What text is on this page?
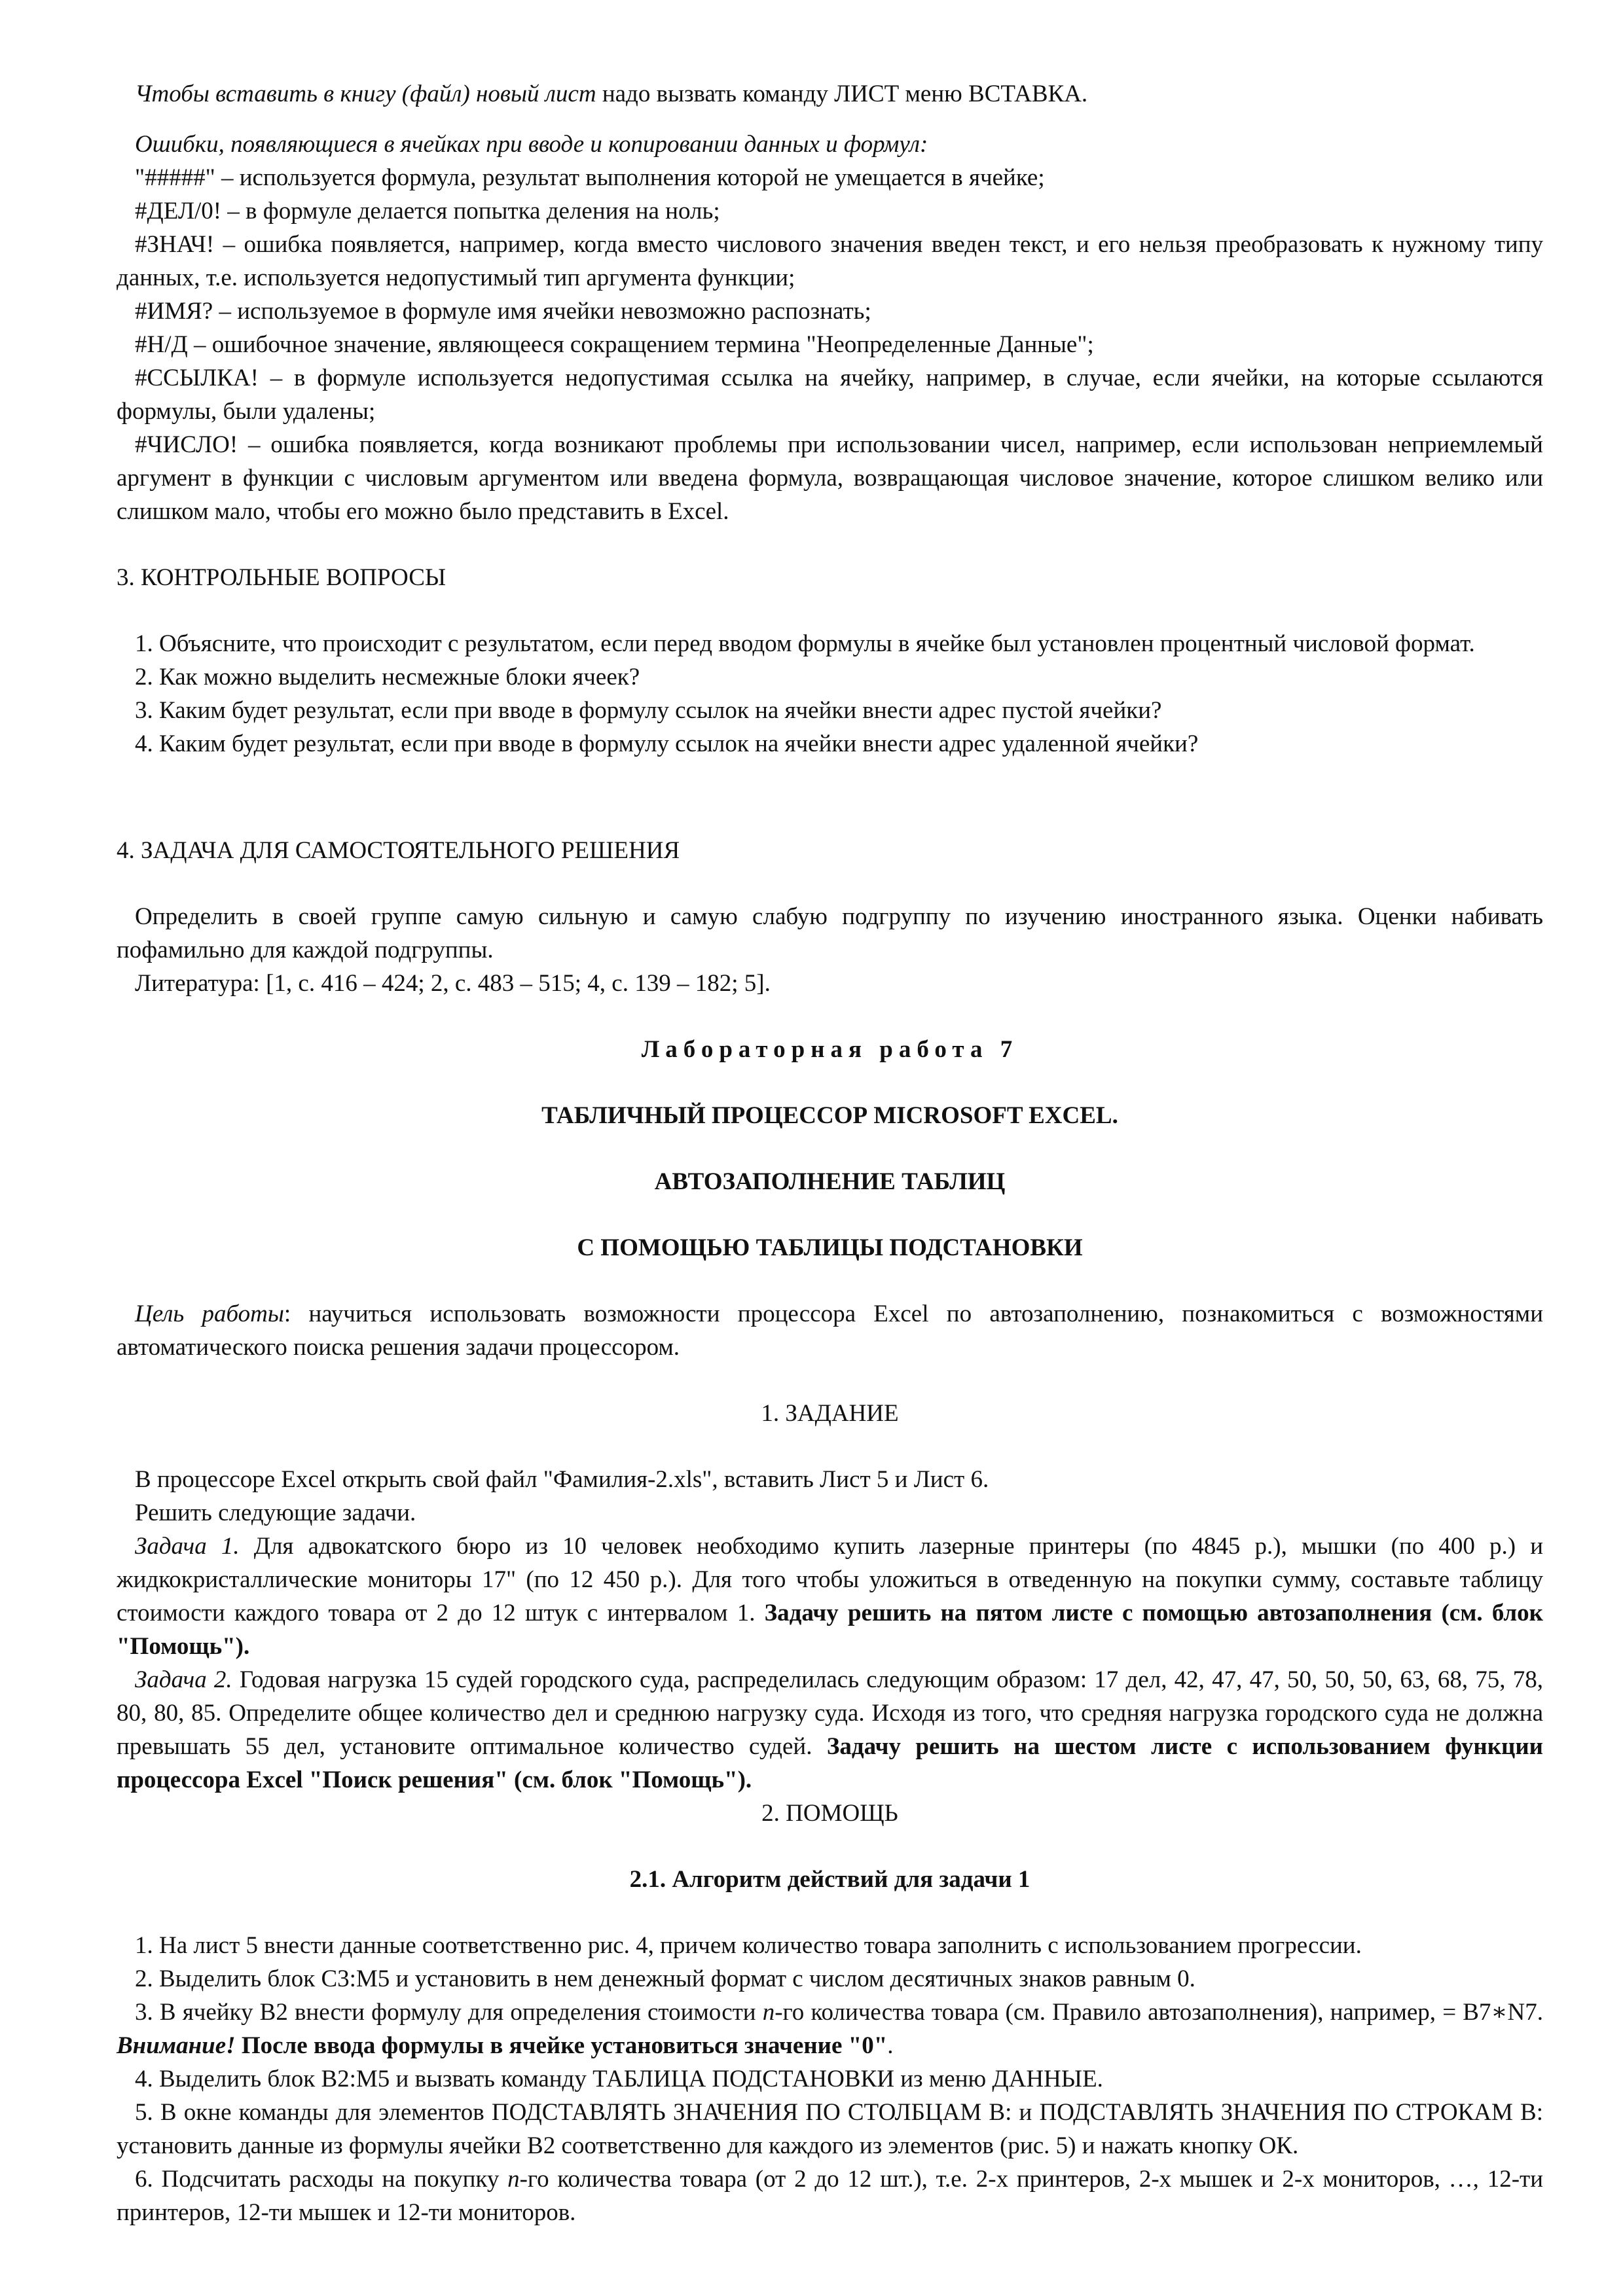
Чтобы вставить в книгу (файл) новый лист надо вызвать команду ЛИСТ меню ВСТАВКА.

Ошибки, появляющиеся в ячейках при вводе и копировании данных и формул:

"#####" – используется формула, результат выполнения которой не умещается в ячейке;

#ДЕЛ/0! – в формуле делается попытка деления на ноль;

#ЗНАЧ! – ошибка появляется, например, когда вместо числового значения введен текст, и его нельзя преобразовать к нужному типу данных, т.е. используется недопустимый тип аргумента функции;

#ИМЯ? – используемое в формуле имя ячейки невозможно распознать;

#Н/Д – ошибочное значение, являющееся сокращением термина "Неопределенные Данные";

#ССЫЛКА! – в формуле используется недопустимая ссылка на ячейку, например, в случае, если ячейки, на которые ссылаются формулы, были удалены;

#ЧИСЛО! – ошибка появляется, когда возникают проблемы при использовании чисел, например, если использован неприемлемый аргумент в функции с числовым аргументом или введена формула, возвращающая числовое значение, которое слишком велико или слишком мало, чтобы его можно было представить в Excel.

3. КОНТРОЛЬНЫЕ ВОПРОСЫ

1. Объясните, что происходит с результатом, если перед вводом формулы в ячейке был установлен процентный числовой формат.

2. Как можно выделить несмежные блоки ячеек?

3. Каким будет результат, если при вводе в формулу ссылок на ячейки внести адрес пустой ячейки?

4. Каким будет результат, если при вводе в формулу ссылок на ячейки внести адрес удаленной ячейки?

4. ЗАДАЧА ДЛЯ САМОСТОЯТЕЛЬНОГО РЕШЕНИЯ

Определить в своей группе самую сильную и самую слабую подгруппу по изучению иностранного языка. Оценки набивать пофамильно для каждой подгруппы.

Литература: [1, с. 416 – 424; 2, с. 483 – 515; 4, с. 139 – 182; 5].

Лабораторная работа 7

ТАБЛИЧНЫЙ ПРОЦЕССОР MICROSOFT EXCEL.

АВТОЗАПОЛНЕНИЕ ТАБЛИЦ

С ПОМОЩЬЮ ТАБЛИЦЫ ПОДСТАНОВКИ

Цель работы: научиться использовать возможности процессора Excel по автозаполнению, познакомиться с возможностями автоматического поиска решения задачи процессором.

1. ЗАДАНИЕ

В процессоре Excel открыть свой файл "Фамилия-2.xls", вставить Лист 5 и Лист 6.

Решить следующие задачи.

Задача 1. Для адвокатского бюро из 10 человек необходимо купить лазерные принтеры (по 4845 р.), мышки (по 400 р.) и жидкокристаллические мониторы 17" (по 12 450 р.). Для того чтобы уложиться в отведенную на покупки сумму, составьте таблицу стоимости каждого товара от 2 до 12 штук с интервалом 1. Задачу решить на пятом листе с помощью автозаполнения (см. блок "Помощь").

Задача 2. Годовая нагрузка 15 судей городского суда, распределилась следующим образом: 17 дел, 42, 47, 47, 50, 50, 50, 63, 68, 75, 78, 80, 80, 85. Определите общее количество дел и среднюю нагрузку суда. Исходя из того, что средняя нагрузка городского суда не должна превышать 55 дел, установите оптимальное количество судей. Задачу решить на шестом листе с использованием функции процессора Excel "Поиск решения" (см. блок "Помощь").

2. ПОМОЩЬ

2.1. Алгоритм действий для задачи 1

1. На лист 5 внести данные соответственно рис. 4, причем количество товара заполнить с использованием прогрессии.

2. Выделить блок С3:М5 и установить в нем денежный формат с числом десятичных знаков равным 0.

3. В ячейку В2 внести формулу для определения стоимости n-го количества товара (см. Правило автозаполнения), например, = В7∗N7. Внимание! После ввода формулы в ячейке установиться значение "0".

4. Выделить блок В2:М5 и вызвать команду ТАБЛИЦА ПОДСТАНОВКИ из меню ДАННЫЕ.

5. В окне команды для элементов ПОДСТАВЛЯТЬ ЗНАЧЕНИЯ ПО СТОЛБЦАМ В: и ПОДСТАВЛЯТЬ ЗНАЧЕНИЯ ПО СТРОКАМ В: установить данные из формулы ячейки В2 соответственно для каждого из элементов (рис. 5) и нажать кнопку ОК.

6. Подсчитать расходы на покупку n-го количества товара (от 2 до 12 шт.), т.е. 2-х принтеров, 2-х мышек и 2-х мониторов, …, 12-ти принтеров, 12-ти мышек и 12-ти мониторов.
